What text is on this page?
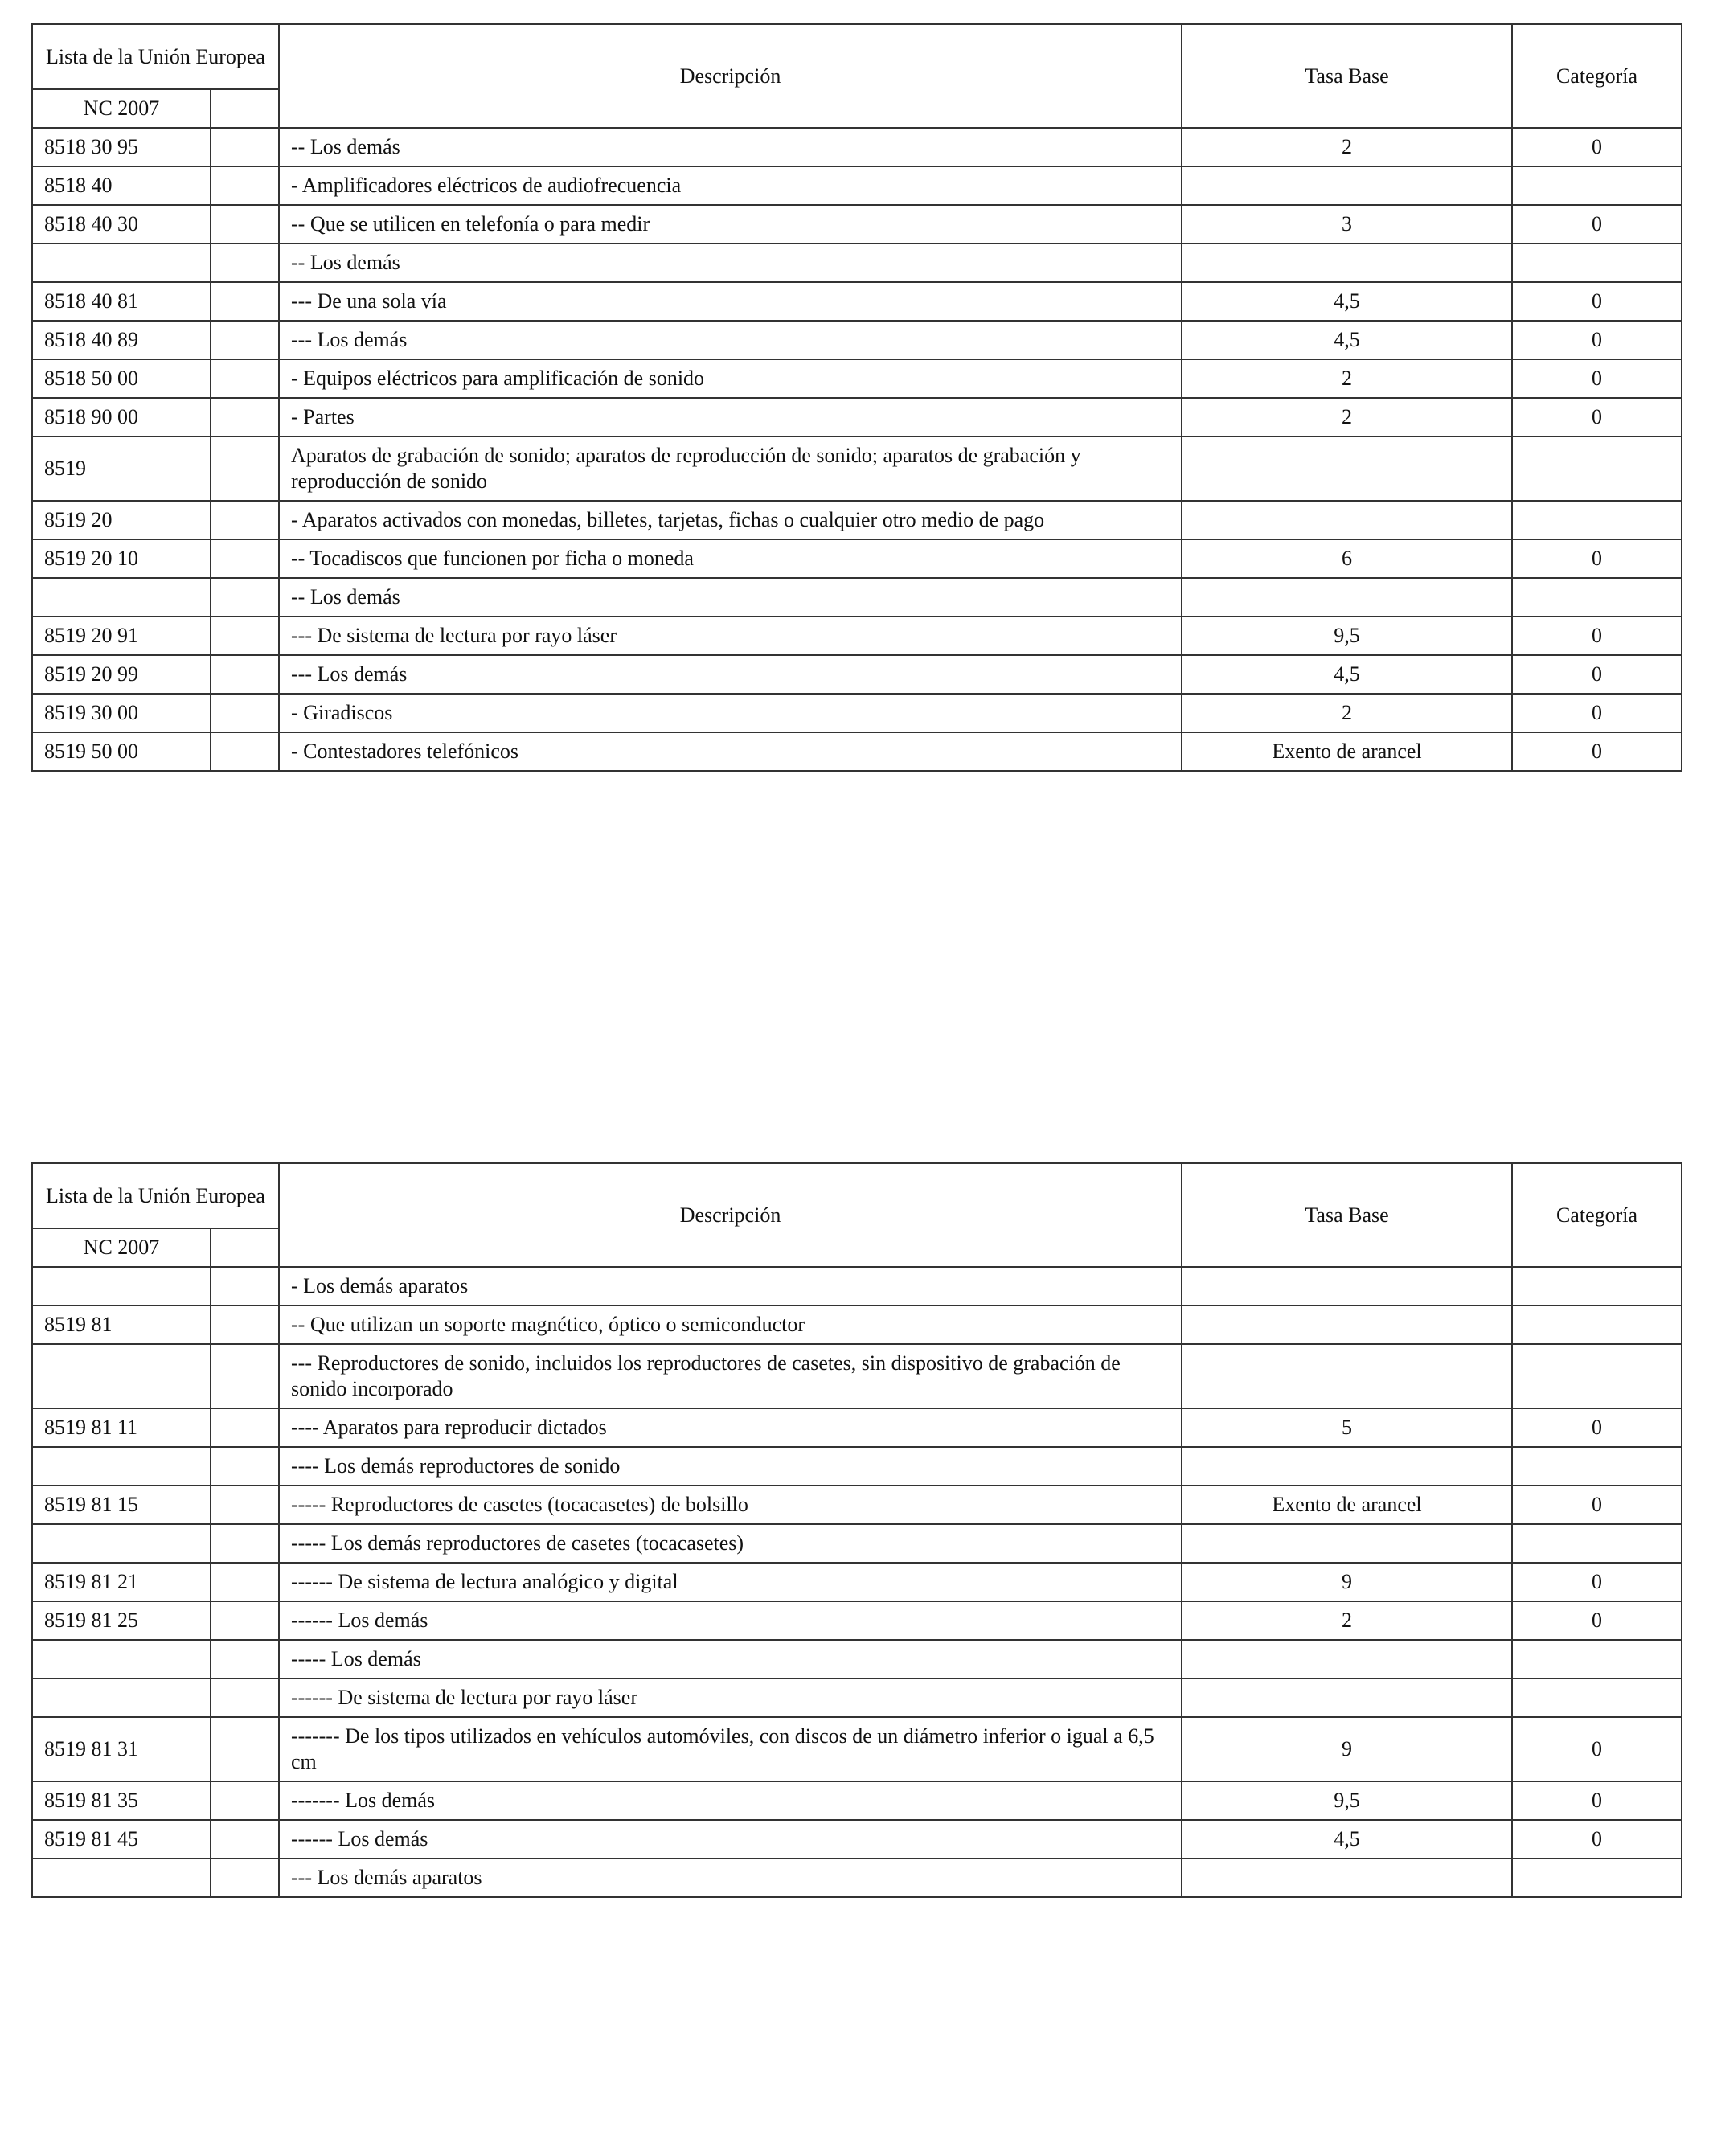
Lista de la Unión Europea		Descripción	Tasa Base	Categoría
NC 2007				
8518 30 95		-- Los demás	2	0
8518 40		- Amplificadores eléctricos de audiofrecuencia		
8518 40 30		-- Que se utilicen en telefonía o para medir	3	0
		-- Los demás		
8518 40 81		--- De una sola vía	4,5	0
8518 40 89		--- Los demás	4,5	0
8518 50 00		- Equipos eléctricos para amplificación de sonido	2	0
8518 90 00		- Partes	2	0
8519		Aparatos de grabación de sonido; aparatos de reproducción de sonido; aparatos de grabación y reproducción de sonido		
8519 20		- Aparatos activados con monedas, billetes, tarjetas, fichas o cualquier otro medio de pago		
8519 20 10		-- Tocadiscos que funcionen por ficha o moneda	6	0
		-- Los demás		
8519 20 91		--- De sistema de lectura por rayo láser	9,5	0
8519 20 99		--- Los demás	4,5	0
8519 30 00		- Giradiscos	2	0
8519 50 00		- Contestadores telefónicos	Exento de arancel	0
Lista de la Unión Europea		Descripción	Tasa Base	Categoría
NC 2007				
		- Los demás aparatos		
8519 81		-- Que utilizan un soporte magnético, óptico o semiconductor		
		--- Reproductores de sonido, incluidos los reproductores de casetes, sin dispositivo de grabación de sonido incorporado		
8519 81 11		---- Aparatos para reproducir dictados	5	0
		---- Los demás reproductores de sonido		
8519 81 15		----- Reproductores de casetes (tocacasetes) de bolsillo	Exento de arancel	0
		----- Los demás reproductores de casetes (tocacasetes)		
8519 81 21		------ De sistema de lectura analógico y digital	9	0
8519 81 25		------ Los demás	2	0
		----- Los demás		
		------ De sistema de lectura por rayo láser		
8519 81 31		------- De los tipos utilizados en vehículos automóviles, con discos de un diámetro inferior o igual a 6,5 cm	9	0
8519 81 35		------- Los demás	9,5	0
8519 81 45		------ Los demás	4,5	0
		--- Los demás aparatos		
